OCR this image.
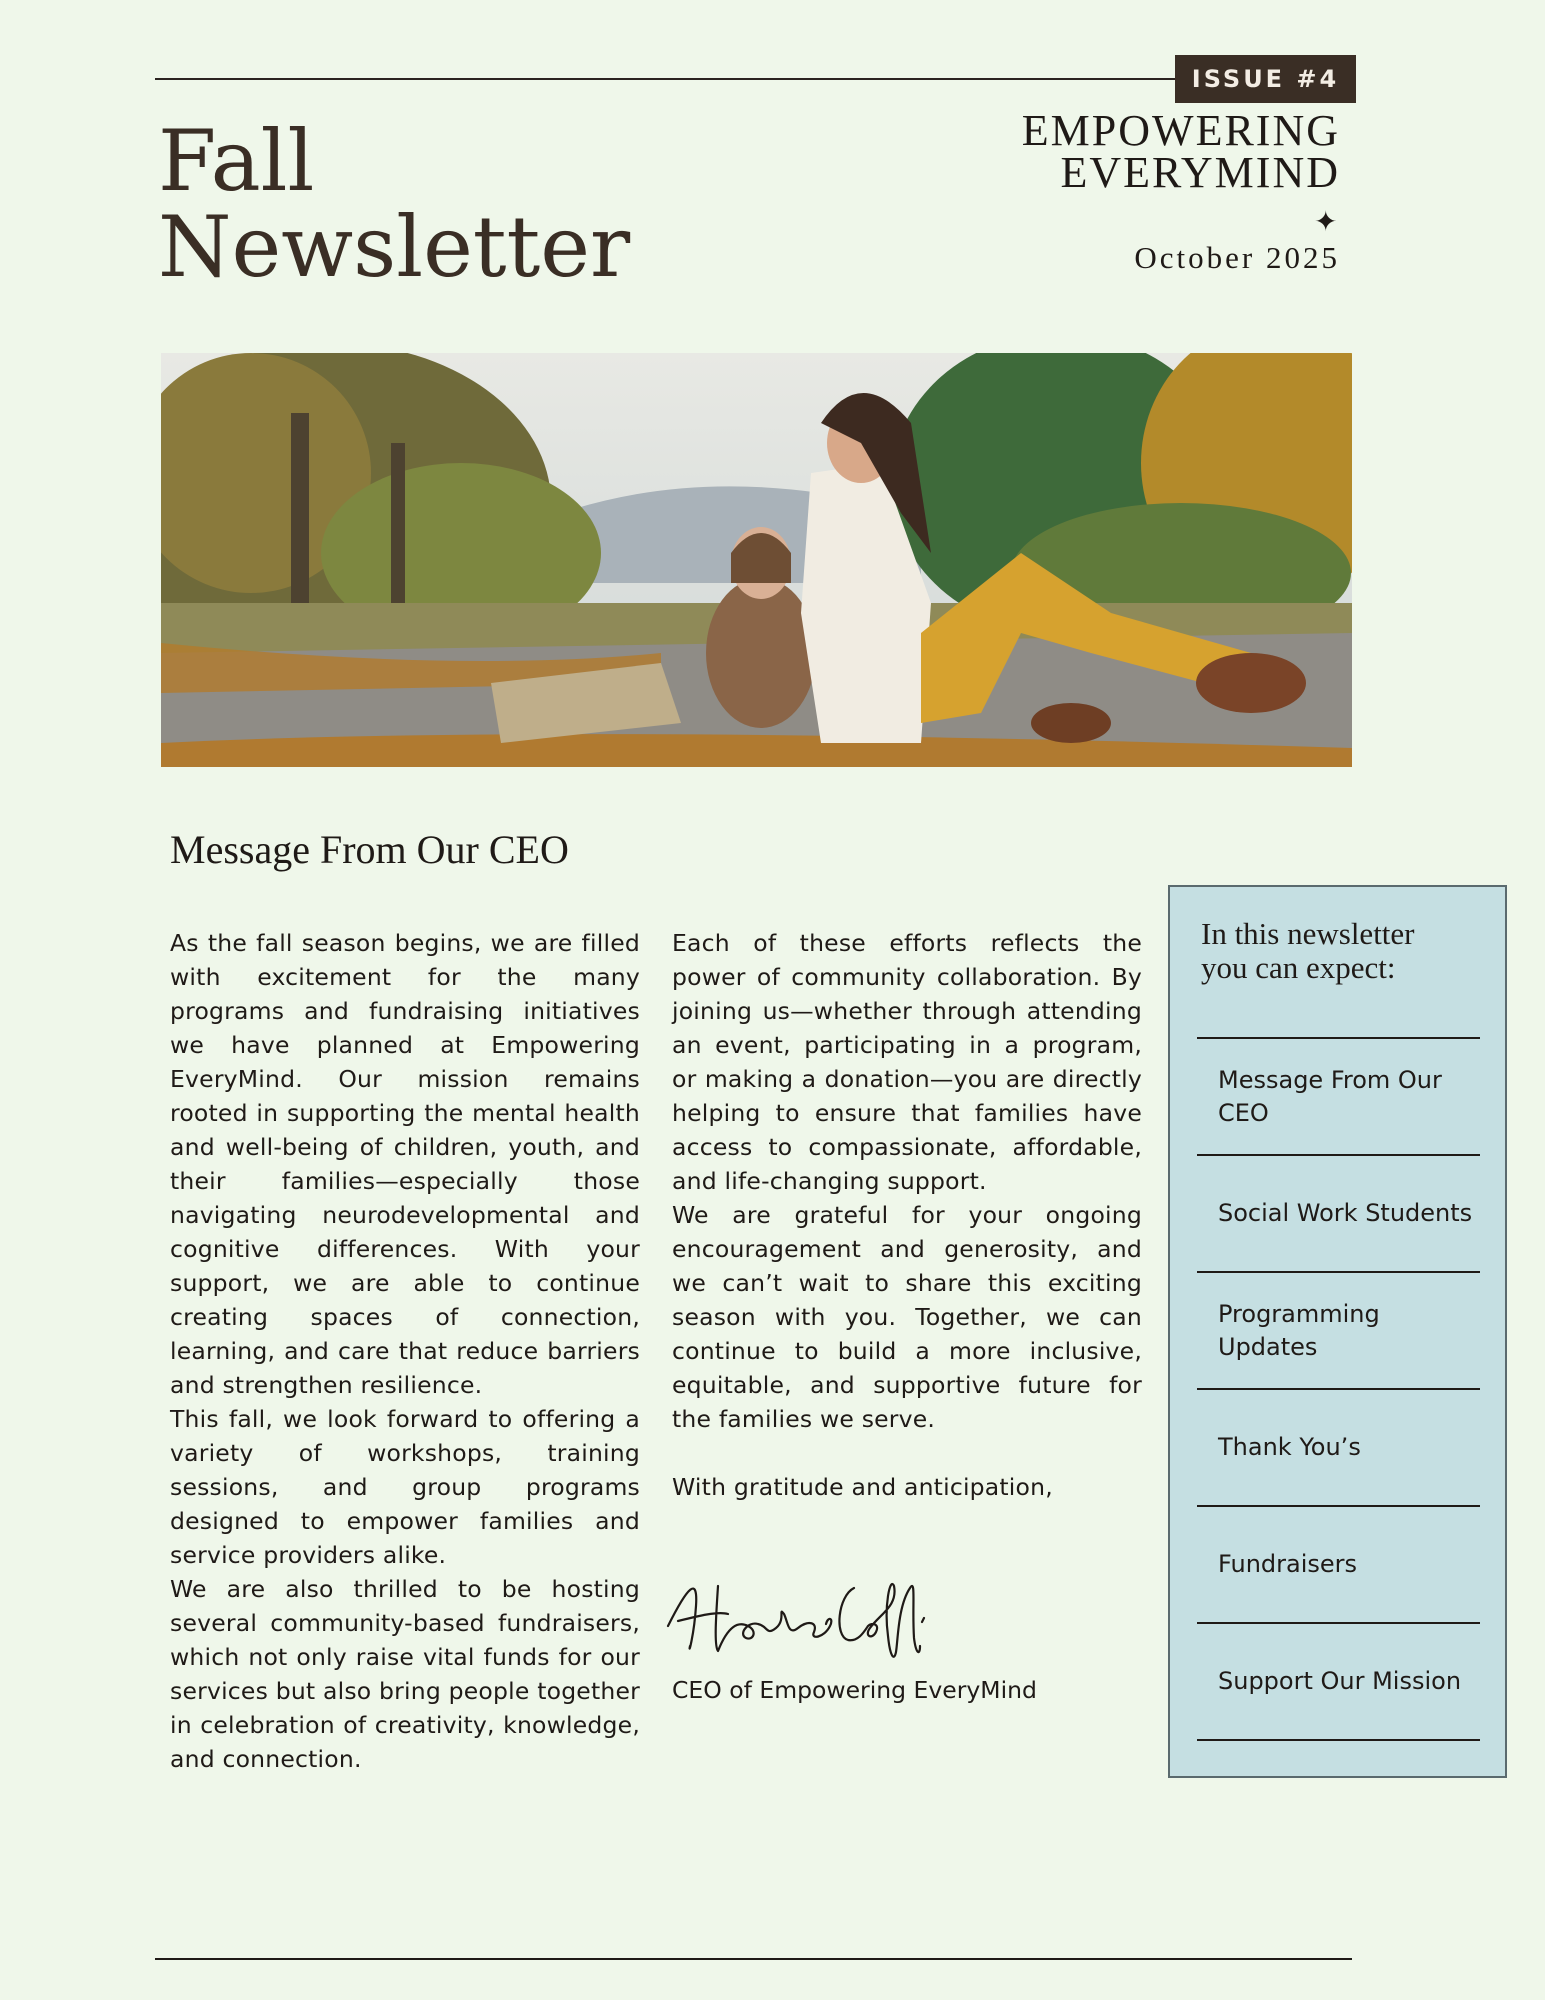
ISSUE #4
Fall
Newsletter
EMPOWERING
EVERYMIND
✦
October 2025
Message From Our CEO

As the fall season begins, we are filled with excitement for the many programs and fundraising initiatives we have planned at Empowering EveryMind. Our mission remains rooted in supporting the mental health and well-being of children, youth, and their families—especially those navigating neurodevelopmental and cognitive differences. With your support, we are able to continue creating spaces of connection, learning, and care that reduce barriers and strengthen resilience.

This fall, we look forward to offering a variety of workshops, training sessions, and group programs designed to empower families and service providers alike.

We are also thrilled to be hosting several community-based fundraisers, which not only raise vital funds for our services but also bring people together in celebration of creativity, knowledge, and connection.

Each of these efforts reflects the power of community collaboration. By joining us—whether through attending an event, participating in a program, or making a donation—you are directly helping to ensure that families have access to compassionate, affordable, and life-changing support.

We are grateful for your ongoing encouragement and generosity, and we can’t wait to share this exciting season with you. Together, we can continue to build a more inclusive, equitable, and supportive future for the families we serve.

With gratitude and anticipation,

CEO of Empowering EveryMind
In this newsletter
you can expect:
Message From Our CEO
Social Work Students
Programming Updates
Thank You’s
Fundraisers
Support Our Mission
